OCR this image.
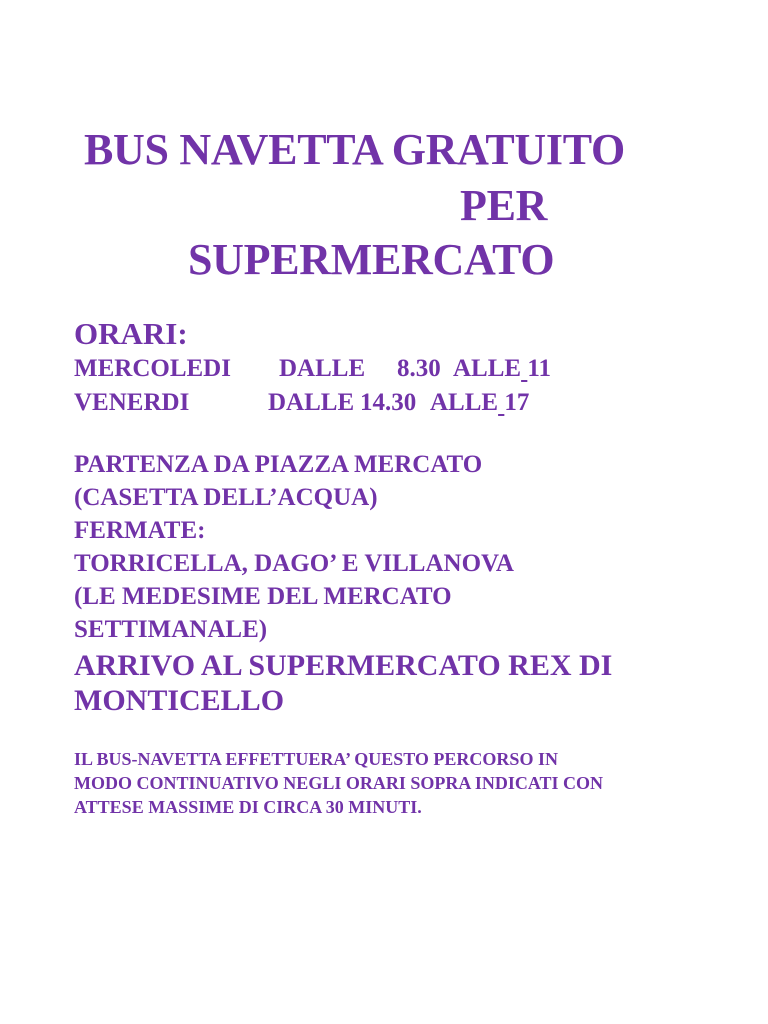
BUS NAVETTA GRATUITO
PER
SUPERMERCATO
ORARI:
MERCOLEDI DALLE 8.30 ALLE 11
VENERDI	DALLE 14.30 ALLE 17
PARTENZA DA PIAZZA MERCATO
(CASETTA DELL’ACQUA)
FERMATE:
TORRICELLA, DAGO’ E VILLANOVA
(LE MEDESIME DEL MERCATO
SETTIMANALE)
ARRIVO AL SUPERMERCATO REX DI
MONTICELLO
IL BUS-NAVETTA EFFETTUERA’ QUESTO PERCORSO IN
MODO CONTINUATIVO NEGLI ORARI SOPRA INDICATI CON
ATTESE MASSIME DI CIRCA 30 MINUTI.
